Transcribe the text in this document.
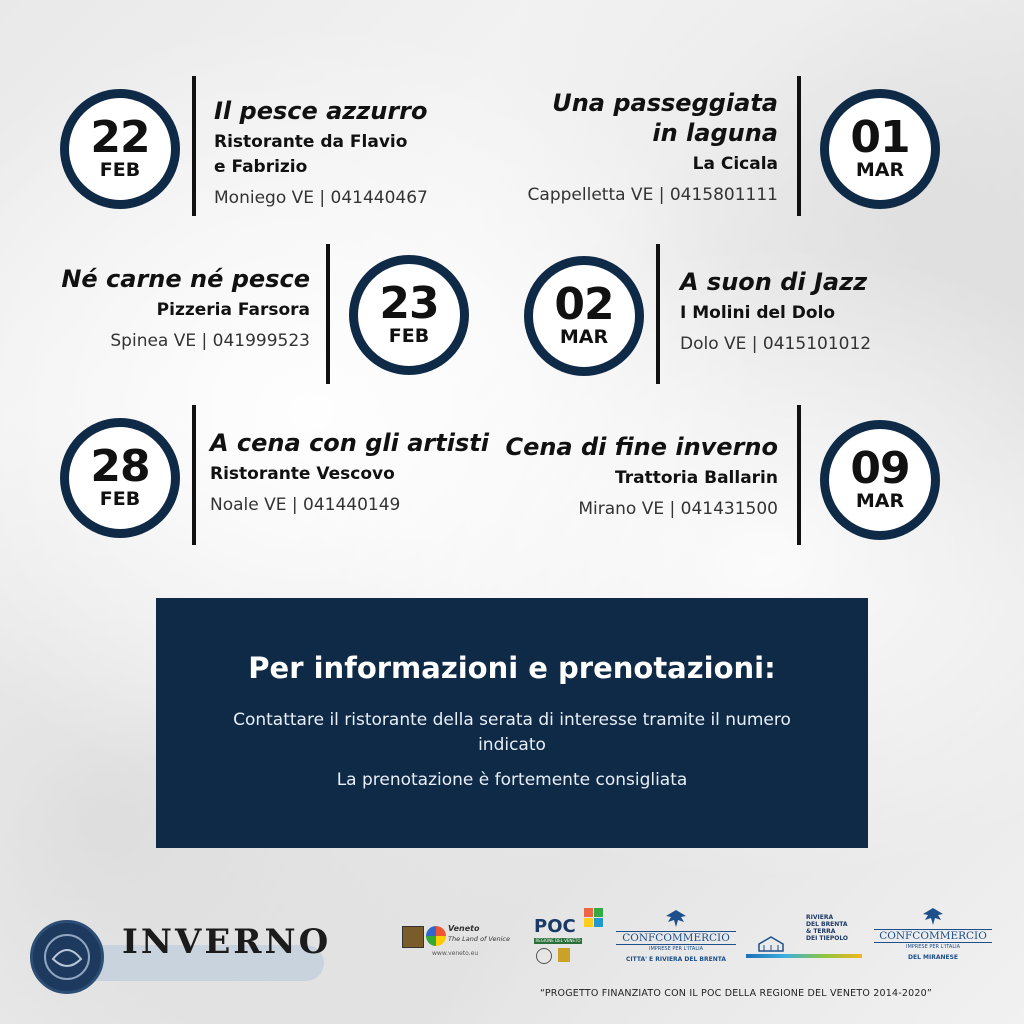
22
FEB
Il pesce azzurro
Ristorante da Flavio
e Fabrizio
Moniego VE | 041440467
Una passeggiata
in laguna
La Cicala
Cappelletta VE | 0415801111
01
MAR
Né carne né pesce
Pizzeria Farsora
Spinea VE | 041999523
23
FEB
02
MAR
A suon di Jazz
I Molini del Dolo
Dolo VE | 0415101012
28
FEB
A cena con gli artisti
Ristorante Vescovo
Noale VE | 041440149
Cena di fine inverno
Trattoria Ballarin
Mirano VE | 041431500
09
MAR
Per informazioni e prenotazioni:

Contattare il ristorante della serata di interesse tramite il numero indicato

La prenotazione è fortemente consigliata

INVERNO	Veneto
The Land of Venice
www.veneto.eu
POC
REGIONE DEL VENETO	CONFCOMMERCIO
IMPRESE PER L'ITALIA
CITTA' E RIVIERA DEL BRENTA
RIVIERA
DEL BRENTA
& TERRA
DEI TIEPOLO	CONFCOMMERCIO
IMPRESE PER L'ITALIA
DEL MIRANESE
“PROGETTO FINANZIATO CON IL POC DELLA REGIONE DEL VENETO 2014-2020”
